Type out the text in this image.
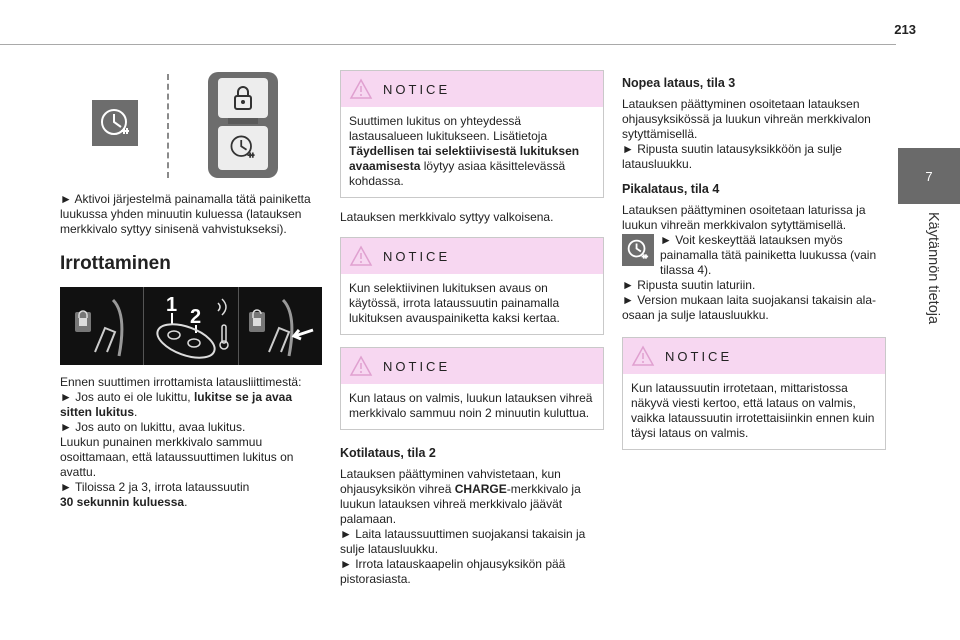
213
7
Käytännön tietoja

► Aktivoi järjestelmä painamalla tätä painiketta luukussa yhden minuutin kuluessa (latauksen merkkivalo syttyy sinisenä vahvistukseksi).

Irrottaminen
1
2

Ennen suuttimen irrottamista latausliittimestä:
► Jos auto ei ole lukittu, lukitse se ja avaa sitten lukitus.
► Jos auto on lukittu, avaa lukitus.
Luukun punainen merkkivalo sammuu osoittamaan, että lataussuuttimen lukitus on avattu.
► Tiloissa 2 ja 3, irrota lataussuutin
30 sekunnin kuluessa.

NOTICE
Suuttimen lukitus on yhteydessä lastausalueen lukitukseen. Lisätietoja Täydellisen tai selektiivisestä lukituksen avaamisesta löytyy asiaa käsittelevässä kohdassa.

Latauksen merkkivalo syttyy valkoisena.

NOTICE
Kun selektiivinen lukituksen avaus on käytössä, irrota lataussuutin painamalla lukituksen avauspainiketta kaksi kertaa.
NOTICE
Kun lataus on valmis, luukun latauksen vihreä merkkivalo sammuu noin 2 minuutin kuluttua.
Kotilataus, tila 2

Latauksen päättyminen vahvistetaan, kun ohjausyksikön vihreä CHARGE-merkkivalo ja luukun latauksen vihreä merkkivalo jäävät palamaan.
► Laita lataussuuttimen suojakansi takaisin ja sulje latausluukku.
► Irrota latauskaapelin ohjausyksikön pää pistorasiasta.

Nopea lataus, tila 3

Latauksen päättyminen osoitetaan latauksen ohjausyksikössä ja luukun vihreän merkkivalon sytyttämisellä.
► Ripusta suutin latausyksikköön ja sulje latausluukku.

Pikalataus, tila 4

Latauksen päättyminen osoitetaan laturissa ja luukun vihreän merkkivalon sytyttämisellä.

► Voit keskeyttää latauksen myös painamalla tätä painiketta luukussa (vain tilassa 4).
► Ripusta suutin laturiin.
► Version mukaan laita suojakansi takaisin ala-osaan ja sulje latausluukku.

NOTICE
Kun lataussuutin irrotetaan, mittaristossa näkyvä viesti kertoo, että lataus on valmis, vaikka lataussuutin irrotettaisiinkin ennen kuin täysi lataus on valmis.
